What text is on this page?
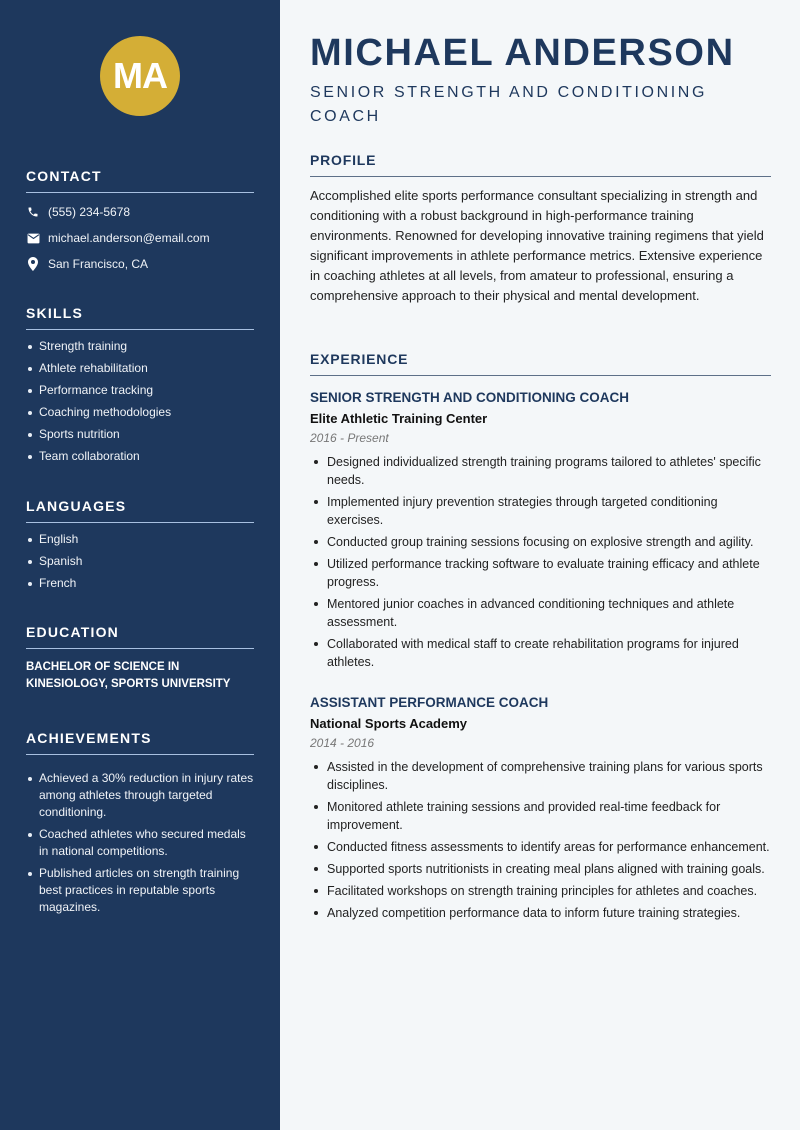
MA
CONTACT
(555) 234-5678
michael.anderson@email.com
San Francisco, CA
SKILLS
Strength training
Athlete rehabilitation
Performance tracking
Coaching methodologies
Sports nutrition
Team collaboration
LANGUAGES
English
Spanish
French
EDUCATION
BACHELOR OF SCIENCE IN KINESIOLOGY, SPORTS UNIVERSITY
ACHIEVEMENTS
Achieved a 30% reduction in injury rates among athletes through targeted conditioning.
Coached athletes who secured medals in national competitions.
Published articles on strength training best practices in reputable sports magazines.
MICHAEL ANDERSON
SENIOR STRENGTH AND CONDITIONING COACH
PROFILE

Accomplished elite sports performance consultant specializing in strength and conditioning with a robust background in high-performance training environments. Renowned for developing innovative training regimens that yield significant improvements in athlete performance metrics. Extensive experience in coaching athletes at all levels, from amateur to professional, ensuring a comprehensive approach to their physical and mental development.

EXPERIENCE
SENIOR STRENGTH AND CONDITIONING COACH
Elite Athletic Training Center
2016 - Present
Designed individualized strength training programs tailored to athletes' specific needs.
Implemented injury prevention strategies through targeted conditioning exercises.
Conducted group training sessions focusing on explosive strength and agility.
Utilized performance tracking software to evaluate training efficacy and athlete progress.
Mentored junior coaches in advanced conditioning techniques and athlete assessment.
Collaborated with medical staff to create rehabilitation programs for injured athletes.
ASSISTANT PERFORMANCE COACH
National Sports Academy
2014 - 2016
Assisted in the development of comprehensive training plans for various sports disciplines.
Monitored athlete training sessions and provided real-time feedback for improvement.
Conducted fitness assessments to identify areas for performance enhancement.
Supported sports nutritionists in creating meal plans aligned with training goals.
Facilitated workshops on strength training principles for athletes and coaches.
Analyzed competition performance data to inform future training strategies.
